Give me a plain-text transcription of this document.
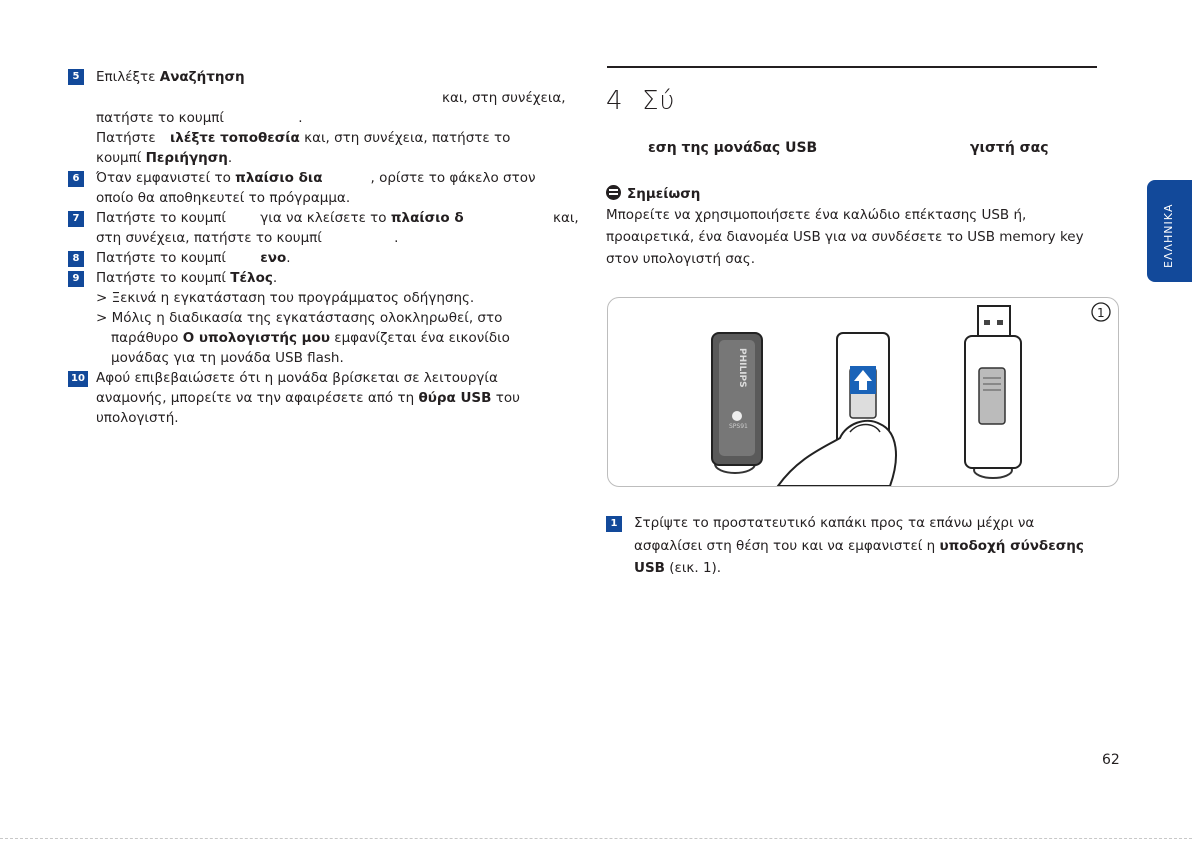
5	Επιλέξτε Αναζήτηση
και, στη συνέχεια,
πατήστε το κουμπί	.
Πατήστε ιλέξτε τοποθεσία και, στη συνέχεια, πατήστε το
κουμπί Περιήγηση.
6	Όταν εμφανιστεί το πλαίσιο δια	, ορίστε το φάκελο στον
οποίο θα αποθηκευτεί το πρόγραμμα.
7	Πατήστε το κουμπί για να κλείσετε το πλαίσιο δ	και,
στη συνέχεια, πατήστε το κουμπί	.
8	Πατήστε το κουμπί ενο.
9	Πατήστε το κουμπί Τέλος.
> Ξεκινά η εγκατάσταση του προγράμματος οδήγησης.
> Μόλις η διαδικασία της εγκατάστασης ολοκληρωθεί, στο
παράθυρο Ο υπολογιστής μου εμφανίζεται ένα εικονίδιο
μονάδας για τη μονάδα USB flash.
10 Αφού επιβεβαιώσετε ότι η μονάδα βρίσκεται σε λειτουργία
αναμονής, μπορείτε να την αφαιρέσετε από τη θύρα USB του
υπολογιστή.
4 Σύ
εση της μονάδας USB	γιστή σας
Σημείωση
Μπορείτε να χρησιμοποιήσετε ένα καλώδιο επέκτασης USB ή,
προαιρετικά, ένα διανομέα USB για να συνδέσετε το USB memory key
στον υπολογιστή σας.
PHILIPS
SPS91
1
1	Στρίψτε το προστατευτικό καπάκι προς τα επάνω μέχρι να
ασφαλίσει στη θέση του και να εμφανιστεί η υποδοχή σύνδεσης
USB (εικ. 1).
ΕΛΛΗΝΙΚΑ
62
